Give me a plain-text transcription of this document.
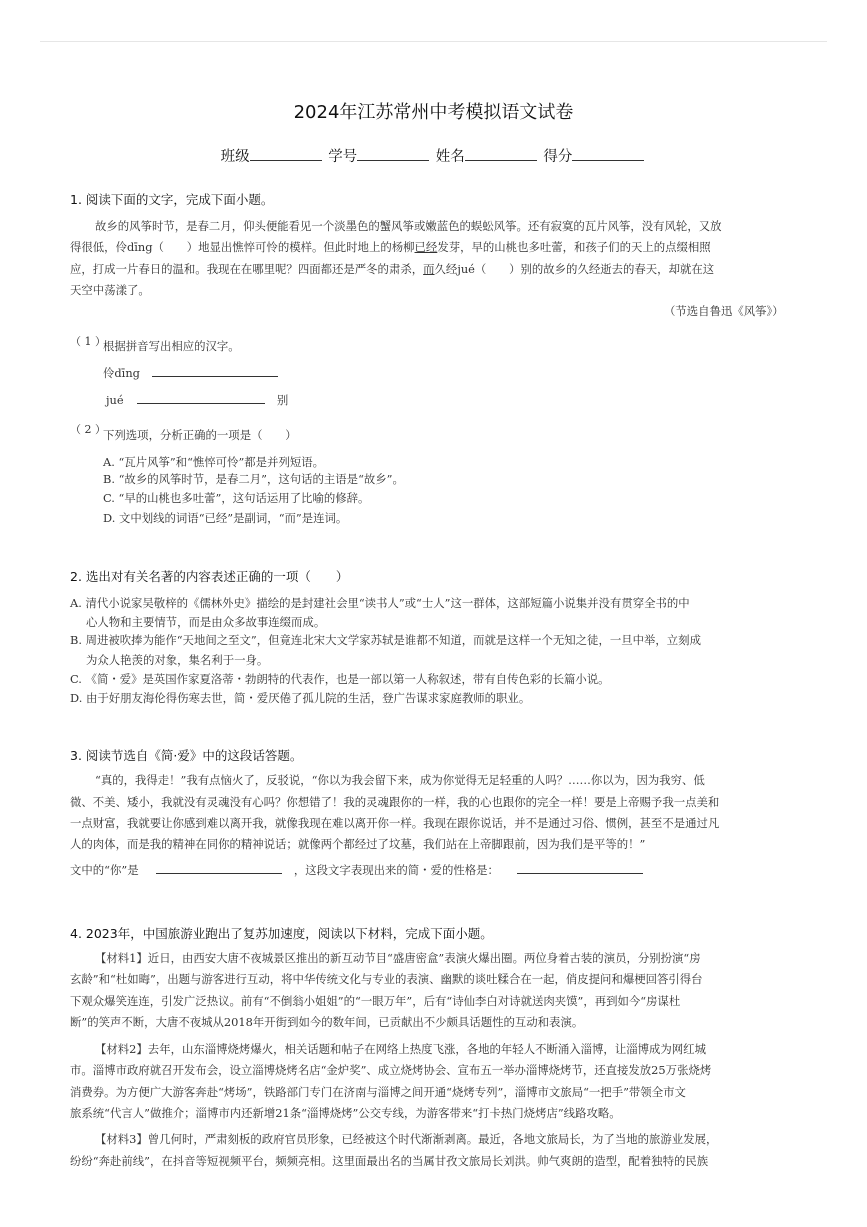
2024年江苏常州中考模拟语文试卷
班级	学号	姓名	得分
1. 阅读下面的文字，完成下面小题。
故乡的风筝时节，是春二月，仰头便能看见一个淡墨色的蟹风筝或嫩蓝色的蜈蚣风筝。还有寂寞的瓦片风筝，没有风轮，又放
得很低，伶dīng（　　）地显出憔悴可怜的模样。但此时地上的杨柳已经发芽，早的山桃也多吐蕾，和孩子们的天上的点缀相照
应，打成一片春日的温和。我现在在哪里呢？四面都还是严冬的肃杀，而久经jué（　　）别的故乡的久经逝去的春天，却就在这
天空中荡漾了。
（节选自鲁迅《风筝》）
（ 1 ）
根据拼音写出相应的汉字。
伶dīng
jué	别
（ 2 ）
下列选项，分析正确的一项是（　　）
A. “瓦片风筝”和“憔悴可怜”都是并列短语。
B. “故乡的风筝时节，是春二月”，这句话的主语是“故乡”。
C. “早的山桃也多吐蕾”，这句话运用了比喻的修辞。
D. 文中划线的词语“已经”是副词，“而”是连词。
2. 选出对有关名著的内容表述正确的一项（　　）
A. 清代小说家吴敬梓的《儒林外史》描绘的是封建社会里“读书人”或“士人”这一群体，这部短篇小说集并没有贯穿全书的中
心人物和主要情节，而是由众多故事连缀而成。
B. 周进被吹捧为能作“天地间之至文”，但竟连北宋大文学家苏轼是谁都不知道，而就是这样一个无知之徒，一旦中举，立刻成
为众人艳羡的对象，集名利于一身。
C. 《简・爱》是英国作家夏洛蒂・勃朗特的代表作，也是一部以第一人称叙述，带有自传色彩的长篇小说。
D. 由于好朋友海伦得伤寒去世，简・爱厌倦了孤儿院的生活，登广告谋求家庭教师的职业。
3. 阅读节选自《简·爱》中的这段话答题。
“真的，我得走！”我有点恼火了，反驳说，“你以为我会留下来，成为你觉得无足轻重的人吗？……你以为，因为我穷、低
微、不美、矮小，我就没有灵魂没有心吗？你想错了！我的灵魂跟你的一样，我的心也跟你的完全一样！要是上帝赐予我一点美和
一点财富，我就要让你感到难以离开我，就像我现在难以离开你一样。我现在跟你说话，并不是通过习俗、惯例，甚至不是通过凡
人的肉体，而是我的精神在同你的精神说话；就像两个都经过了坟墓，我们站在上帝脚跟前，因为我们是平等的！”
文中的“你”是	，这段文字表现出来的简・爱的性格是：
4. 2023年，中国旅游业跑出了复苏加速度，阅读以下材料，完成下面小题。
【材料1】近日，由西安大唐不夜城景区推出的新互动节目“盛唐密盒”表演火爆出圈。两位身着古装的演员，分别扮演“房
玄龄”和“杜如晦”，出题与游客进行互动，将中华传统文化与专业的表演、幽默的谈吐糅合在一起，俏皮提问和爆梗回答引得台
下观众爆笑连连，引发广泛热议。前有“不倒翁小姐姐”的“一眼万年”，后有“诗仙李白对诗就送肉夹馍”，再到如今“房谋杜
断”的笑声不断，大唐不夜城从2018年开街到如今的数年间，已贡献出不少颇具话题性的互动和表演。
【材料2】去年，山东淄博烧烤爆火，相关话题和帖子在网络上热度飞涨，各地的年轻人不断涌入淄博，让淄博成为网红城
市。淄博市政府就召开发布会，设立淄博烧烤名店“金炉奖”、成立烧烤协会、宣布五一举办淄博烧烤节，还直接发放25万张烧烤
消费券。为方便广大游客奔赴“烤场”，铁路部门专门在济南与淄博之间开通“烧烤专列”，淄博市文旅局“一把手”带领全市文
旅系统“代言人”做推介；淄博市内还新增21条“淄博烧烤”公交专线，为游客带来“打卡热门烧烤店”线路攻略。
【材料3】曾几何时，严肃刻板的政府官员形象，已经被这个时代渐渐剥离。最近，各地文旅局长，为了当地的旅游业发展，
纷纷“奔赴前线”，在抖音等短视频平台，频频亮相。这里面最出名的当属甘孜文旅局长刘洪。帅气爽朗的造型，配着独特的民族
